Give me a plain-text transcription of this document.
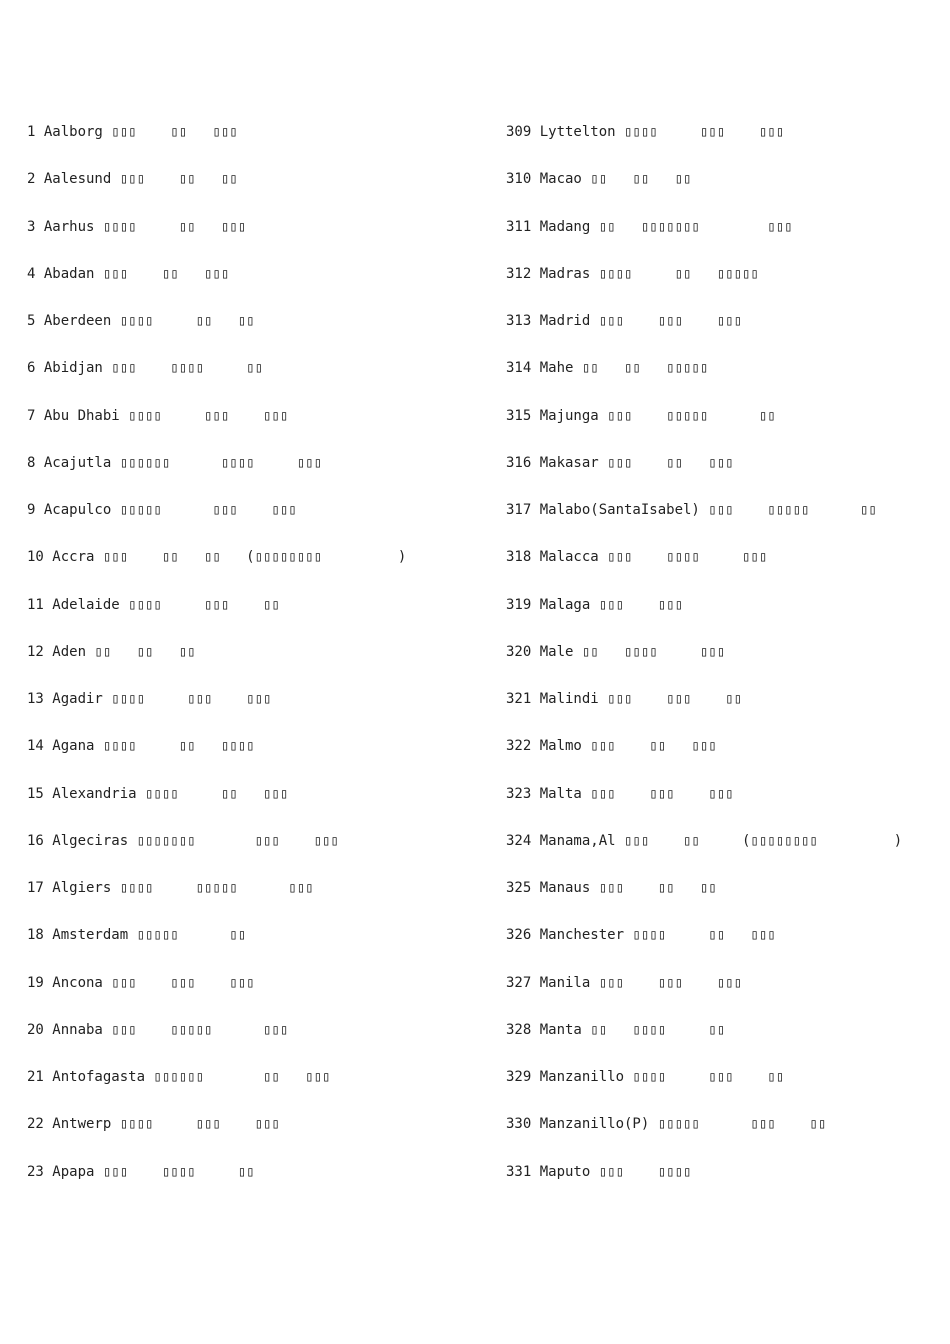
1 Aalborg ▯▯▯    ▯▯   ▯▯▯
2 Aalesund ▯▯▯    ▯▯   ▯▯
3 Aarhus ▯▯▯▯     ▯▯   ▯▯▯
4 Abadan ▯▯▯    ▯▯   ▯▯▯
5 Aberdeen ▯▯▯▯     ▯▯   ▯▯
6 Abidjan ▯▯▯    ▯▯▯▯     ▯▯
7 Abu Dhabi ▯▯▯▯     ▯▯▯    ▯▯▯
8 Acajutla ▯▯▯▯▯▯      ▯▯▯▯     ▯▯▯
9 Acapulco ▯▯▯▯▯      ▯▯▯    ▯▯▯
10 Accra ▯▯▯    ▯▯   ▯▯   (▯▯▯▯▯▯▯▯         )
11 Adelaide ▯▯▯▯     ▯▯▯    ▯▯
12 Aden ▯▯   ▯▯   ▯▯
13 Agadir ▯▯▯▯     ▯▯▯    ▯▯▯
14 Agana ▯▯▯▯     ▯▯   ▯▯▯▯
15 Alexandria ▯▯▯▯     ▯▯   ▯▯▯
16 Algeciras ▯▯▯▯▯▯▯       ▯▯▯    ▯▯▯
17 Algiers ▯▯▯▯     ▯▯▯▯▯      ▯▯▯
18 Amsterdam ▯▯▯▯▯      ▯▯
19 Ancona ▯▯▯    ▯▯▯    ▯▯▯
20 Annaba ▯▯▯    ▯▯▯▯▯      ▯▯▯
21 Antofagasta ▯▯▯▯▯▯       ▯▯   ▯▯▯
22 Antwerp ▯▯▯▯     ▯▯▯    ▯▯▯
23 Apapa ▯▯▯    ▯▯▯▯     ▯▯
309 Lyttelton ▯▯▯▯     ▯▯▯    ▯▯▯
310 Macao ▯▯   ▯▯   ▯▯
311 Madang ▯▯   ▯▯▯▯▯▯▯        ▯▯▯
312 Madras ▯▯▯▯     ▯▯   ▯▯▯▯▯
313 Madrid ▯▯▯    ▯▯▯    ▯▯▯
314 Mahe ▯▯   ▯▯   ▯▯▯▯▯
315 Majunga ▯▯▯    ▯▯▯▯▯      ▯▯
316 Makasar ▯▯▯    ▯▯   ▯▯▯
317 Malabo(SantaIsabel) ▯▯▯    ▯▯▯▯▯      ▯▯
318 Malacca ▯▯▯    ▯▯▯▯     ▯▯▯
319 Malaga ▯▯▯    ▯▯▯
320 Male ▯▯   ▯▯▯▯     ▯▯▯
321 Malindi ▯▯▯    ▯▯▯    ▯▯
322 Malmo ▯▯▯    ▯▯   ▯▯▯
323 Malta ▯▯▯    ▯▯▯    ▯▯▯
324 Manama,Al ▯▯▯    ▯▯     (▯▯▯▯▯▯▯▯         )
325 Manaus ▯▯▯    ▯▯   ▯▯
326 Manchester ▯▯▯▯     ▯▯   ▯▯▯
327 Manila ▯▯▯    ▯▯▯    ▯▯▯
328 Manta ▯▯   ▯▯▯▯     ▯▯
329 Manzanillo ▯▯▯▯     ▯▯▯    ▯▯
330 Manzanillo(P) ▯▯▯▯▯      ▯▯▯    ▯▯
331 Maputo ▯▯▯    ▯▯▯▯
